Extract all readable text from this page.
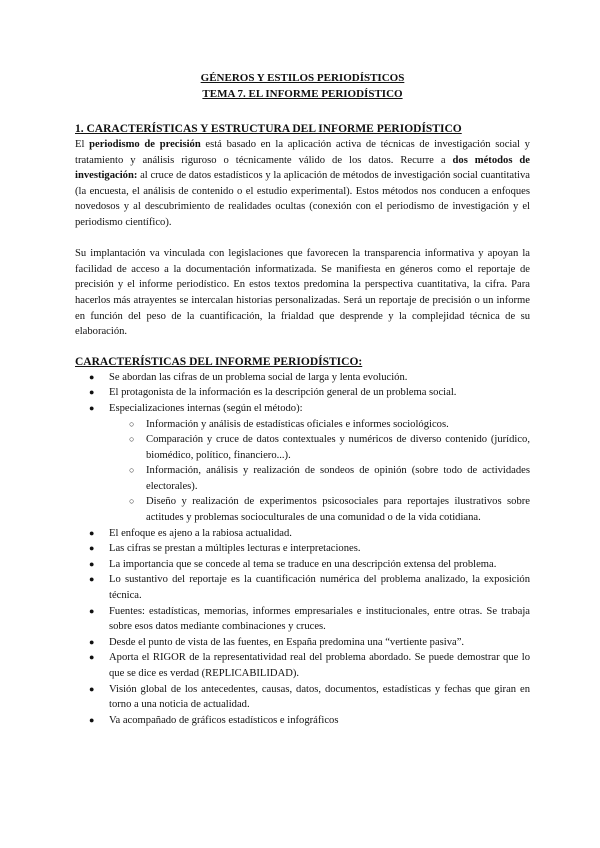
GÉNEROS Y ESTILOS PERIODÍSTICOS
TEMA 7. EL INFORME PERIODÍSTICO
1. CARACTERÍSTICAS Y ESTRUCTURA DEL INFORME PERIODÍSTICO

El periodismo de precisión está basado en la aplicación activa de técnicas de investigación social y tratamiento y análisis riguroso o técnicamente válido de los datos. Recurre a dos métodos de investigación: al cruce de datos estadísticos y la aplicación de métodos de investigación social cuantitativa (la encuesta, el análisis de contenido o el estudio experimental). Estos métodos nos conducen a enfoques novedosos y al descubrimiento de realidades ocultas (conexión con el periodismo de investigación y el periodismo científico).

Su implantación va vinculada con legislaciones que favorecen la transparencia informativa y apoyan la facilidad de acceso a la documentación informatizada. Se manifiesta en géneros como el reportaje de precisión y el informe periodístico. En estos textos predomina la perspectiva cuantitativa, la cifra. Para hacerlos más atrayentes se intercalan historias personalizadas. Será un reportaje de precisión o un informe en función del peso de la cuantificación, la frialdad que desprende y la complejidad técnica de su elaboración.

CARACTERÍSTICAS DEL INFORME PERIODÍSTICO:
● Se abordan las cifras de un problema social de larga y lenta evolución.
● El protagonista de la información es la descripción general de un problema social.
● Especializaciones internas (según el método):
○ Información y análisis de estadísticas oficiales e informes sociológicos.
○ Comparación y cruce de datos contextuales y numéricos de diverso contenido (jurídico, biomédico, político, financiero...).
○ Información, análisis y realización de sondeos de opinión (sobre todo de actividades electorales).
○ Diseño y realización de experimentos psicosociales para reportajes ilustrativos sobre actitudes y problemas socioculturales de una comunidad o de la vida cotidiana.
● El enfoque es ajeno a la rabiosa actualidad.
● Las cifras se prestan a múltiples lecturas e interpretaciones.
● La importancia que se concede al tema se traduce en una descripción extensa del problema.
● Lo sustantivo del reportaje es la cuantificación numérica del problema analizado, la exposición técnica.
● Fuentes: estadísticas, memorias, informes empresariales e institucionales, entre otras. Se trabaja sobre esos datos mediante combinaciones y cruces.
● Desde el punto de vista de las fuentes, en España predomina una “vertiente pasiva”.
● Aporta el RIGOR de la representatividad real del problema abordado. Se puede demostrar que lo que se dice es verdad (REPLICABILIDAD).
● Visión global de los antecedentes, causas, datos, documentos, estadísticas y fechas que giran en torno a una noticia de actualidad.
● Va acompañado de gráficos estadísticos e infográficos
